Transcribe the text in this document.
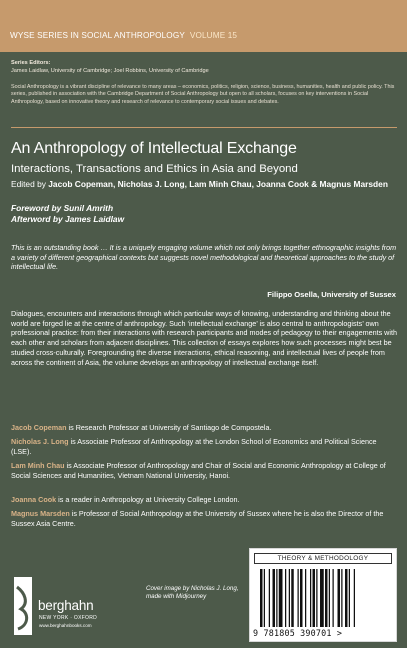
WYSE SERIES IN SOCIAL ANTHROPOLOGY VOLUME 15
Series Editors:
James Laidlaw, University of Cambridge; Joel Robbins, University of Cambridge
Social Anthropology is a vibrant discipline of relevance to many areas – economics, politics, religion, science, business, humanities, health and public policy. This series, published in association with the Cambridge Department of Social Anthropology but open to all scholars, focuses on key interventions in Social Anthropology, based on innovative theory and research of relevance to contemporary social issues and debates.
An Anthropology of Intellectual Exchange
Interactions, Transactions and Ethics in Asia and Beyond
Edited by Jacob Copeman, Nicholas J. Long, Lam Minh Chau, Joanna Cook & Magnus Marsden
Foreword by Sunil Amrith
Afterword by James Laidlaw
This is an outstanding book … It is a uniquely engaging volume which not only brings together ethnographic insights from a variety of different geographical contexts but suggests novel methodological and theoretical approaches to the study of intellectual life.
Filippo Osella, University of Sussex
Dialogues, encounters and interactions through which particular ways of knowing, understanding and thinking about the world are forged lie at the centre of anthropology. Such ‘intellectual exchange’ is also central to anthropologists’ own professional practice: from their interactions with research participants and modes of pedagogy to their engagements with each other and scholars from adjacent disciplines. This collection of essays explores how such processes might best be studied cross-culturally. Foregrounding the diverse interactions, ethical reasoning, and intellectual lives of people from across the continent of Asia, the volume develops an anthropology of intellectual exchange itself.
Jacob Copeman is Research Professor at University of Santiago de Compostela.
Nicholas J. Long is Associate Professor of Anthropology at the London School of Economics and Political Science (LSE).
Lam Minh Chau is Associate Professor of Anthropology and Chair of Social and Economic Anthropology at College of Social Sciences and Humanities, Vietnam National University, Hanoi.
Joanna Cook is a reader in Anthropology at University College London.
Magnus Marsden is Professor of Social Anthropology at the University of Sussex where he is also the Director of the Sussex Asia Centre.
berghahn
NEW YORK · OXFORD
www.berghahnbooks.com
Cover image by Nicholas J. Long, made with Midjourney
THEORY & METHODOLOGY
9 781805 390701 >
